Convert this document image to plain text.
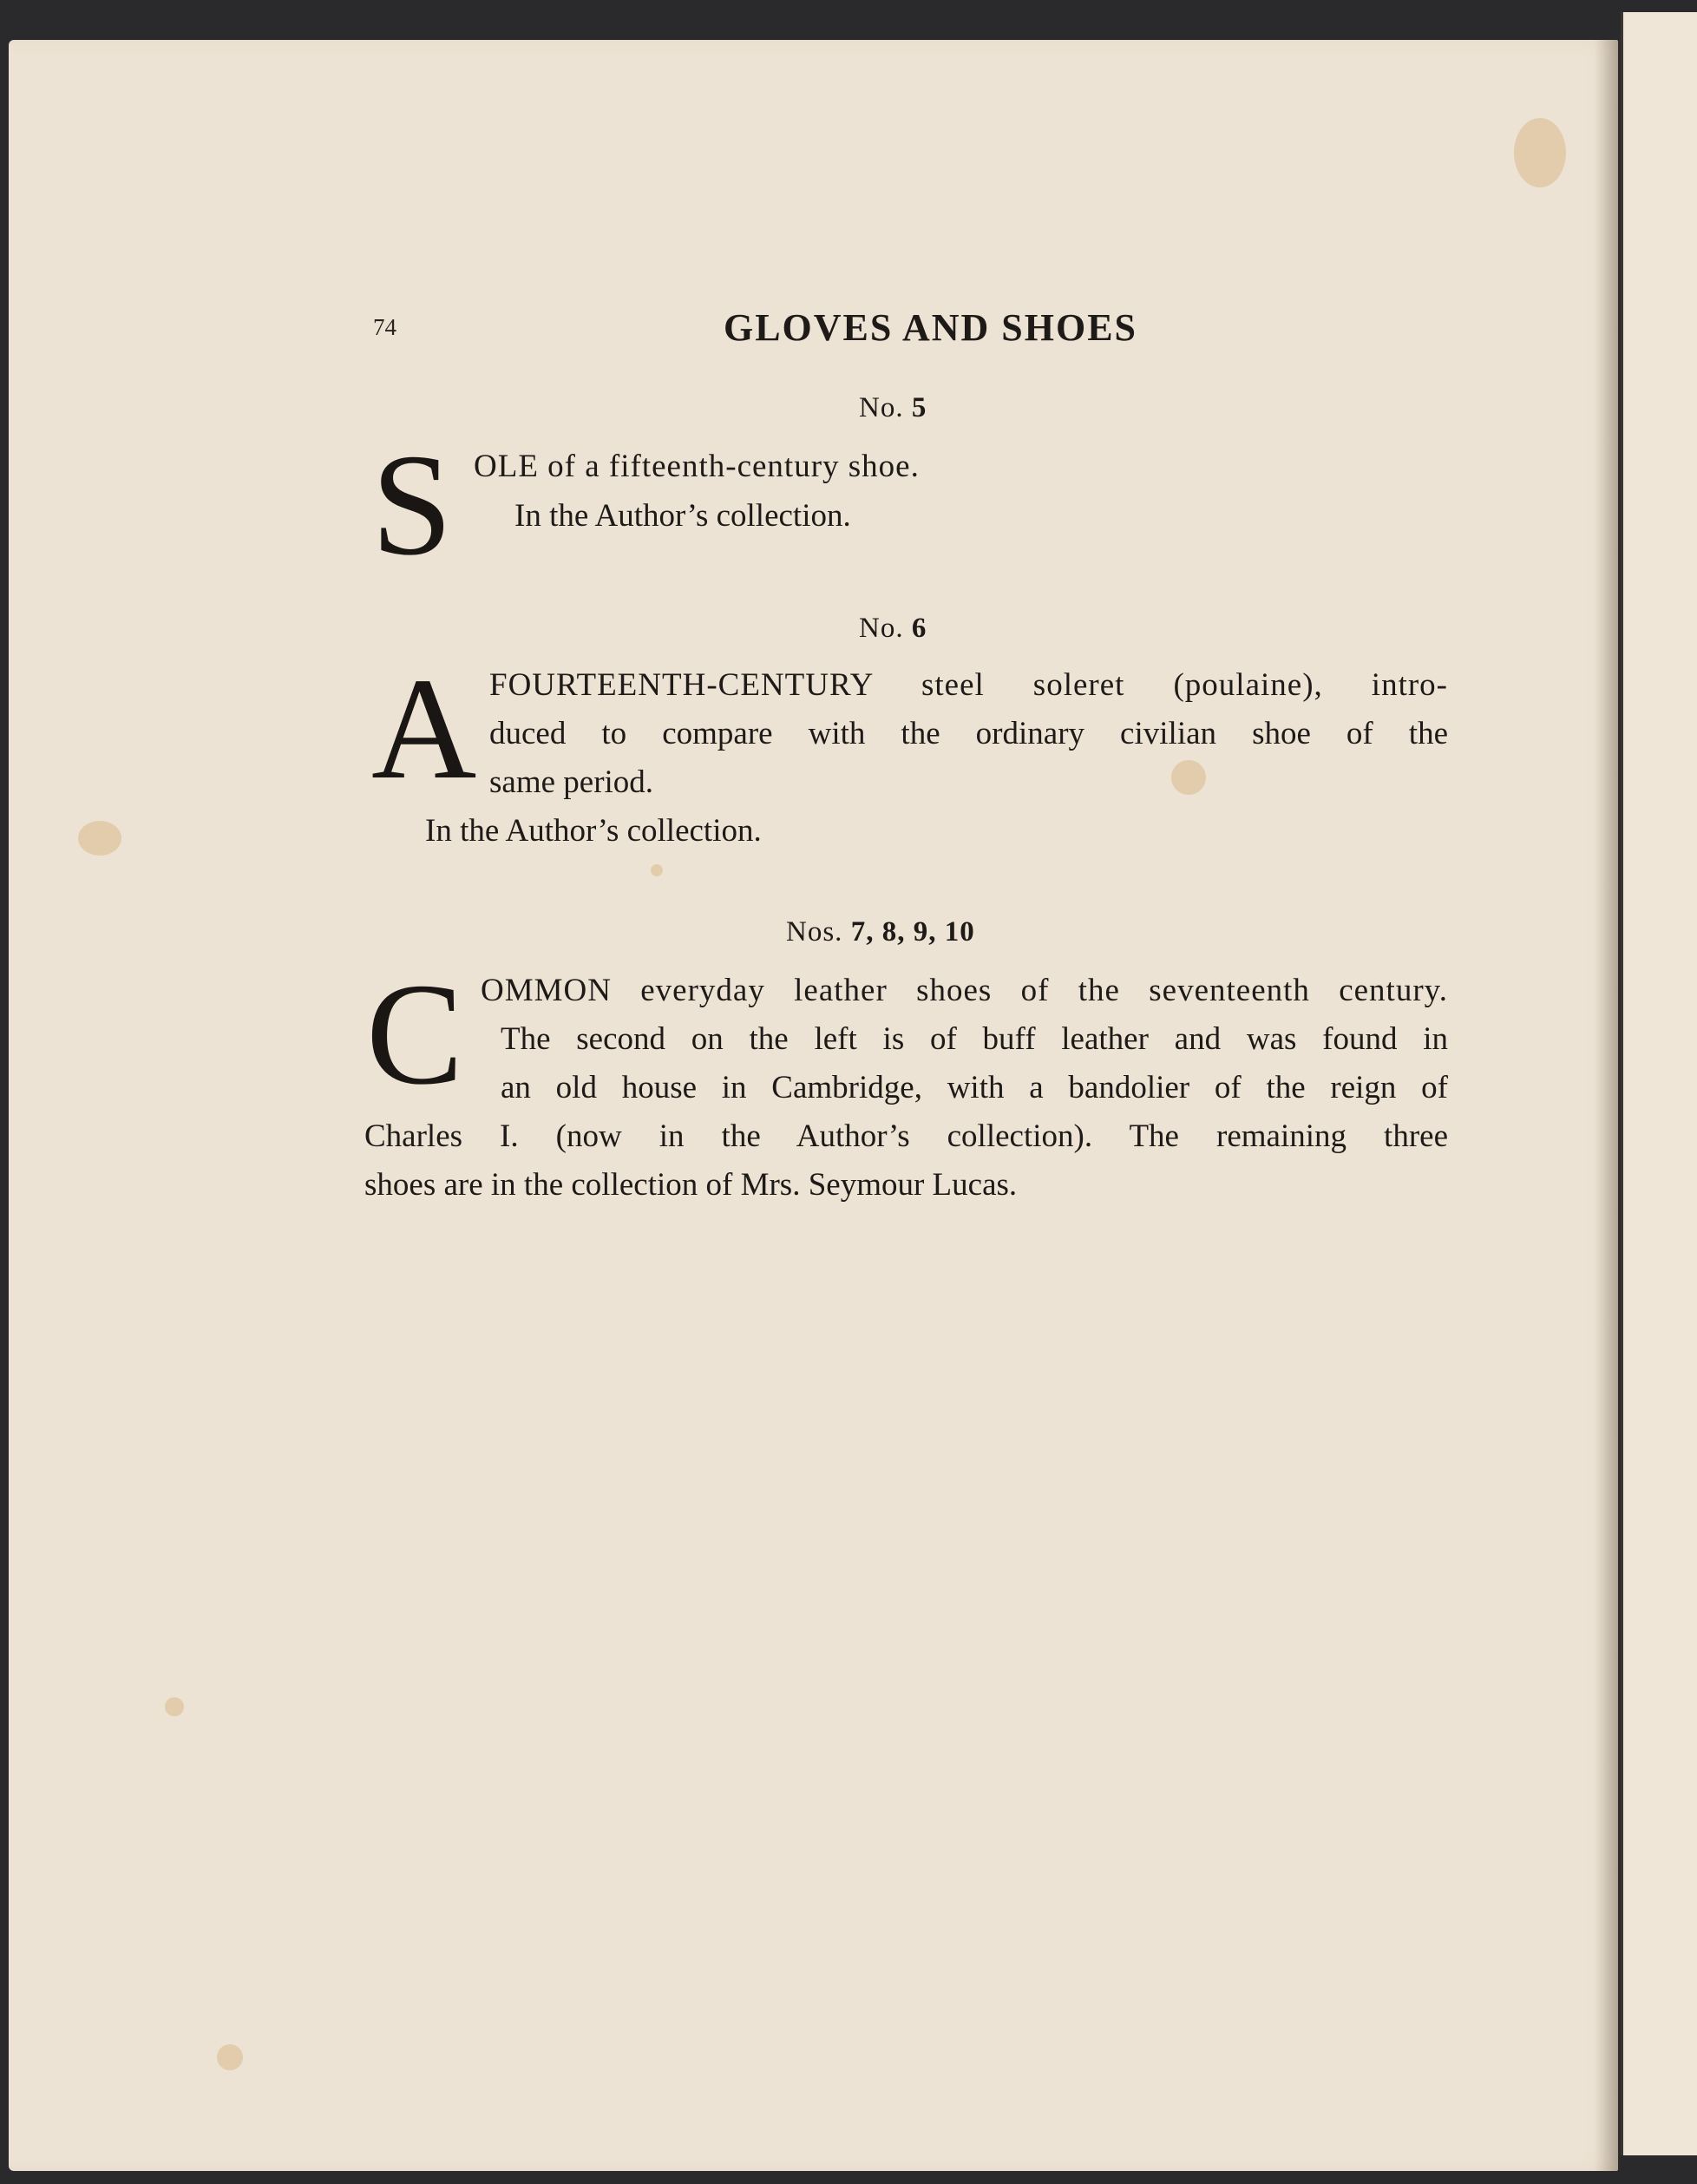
74	GLOVES AND SHOES
No. 5
S OLE of a fifteenth-century shoe.
In the Author’s collection.
No. 6
A FOURTEENTH-CENTURY steel soleret (poulaine), intro-
duced to compare with the ordinary civilian shoe of the
same period.
In the Author’s collection.
Nos. 7, 8, 9, 10
C OMMON everyday leather shoes of the seventeenth century.
The second on the left is of buff leather and was found in
an old house in Cambridge, with a bandolier of the reign of
Charles I. (now in the Author’s collection). The remaining three
shoes are in the collection of Mrs. Seymour Lucas.
